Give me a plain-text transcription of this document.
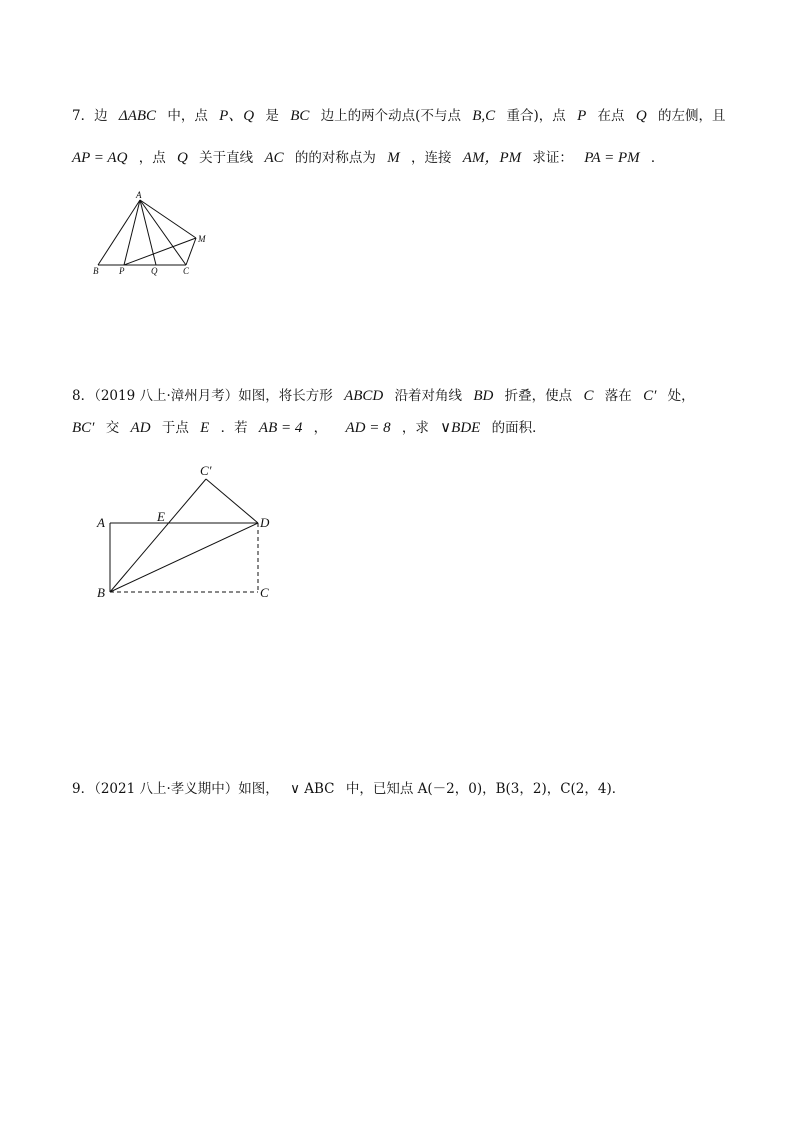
7．边 ΔABC 中，点 P、Q 是 BC 边上的两个动点(不与点 B,C 重合)，点 P 在点 Q 的左侧，且
AP = AQ ，点 Q 关于直线 AC 的的对称点为 M ，连接 AM，PM 求证： PA = PM ．
A
B P	Q	C
M
8．（2019 八上·漳州月考）如图，将长方形 ABCD 沿着对角线 BD 折叠，使点 C 落在 C′ 处，
BC′ 交 AD 于点 E ．若 AB = 4 ， AD = 8 ，求 ∨BDE 的面积．
A
B	C
D
E
C′
9．（2021 八上·孝义期中）如图， ∨ ABC 中，已知点 A(－2，0)，B(3，2)，C(2，4)．
